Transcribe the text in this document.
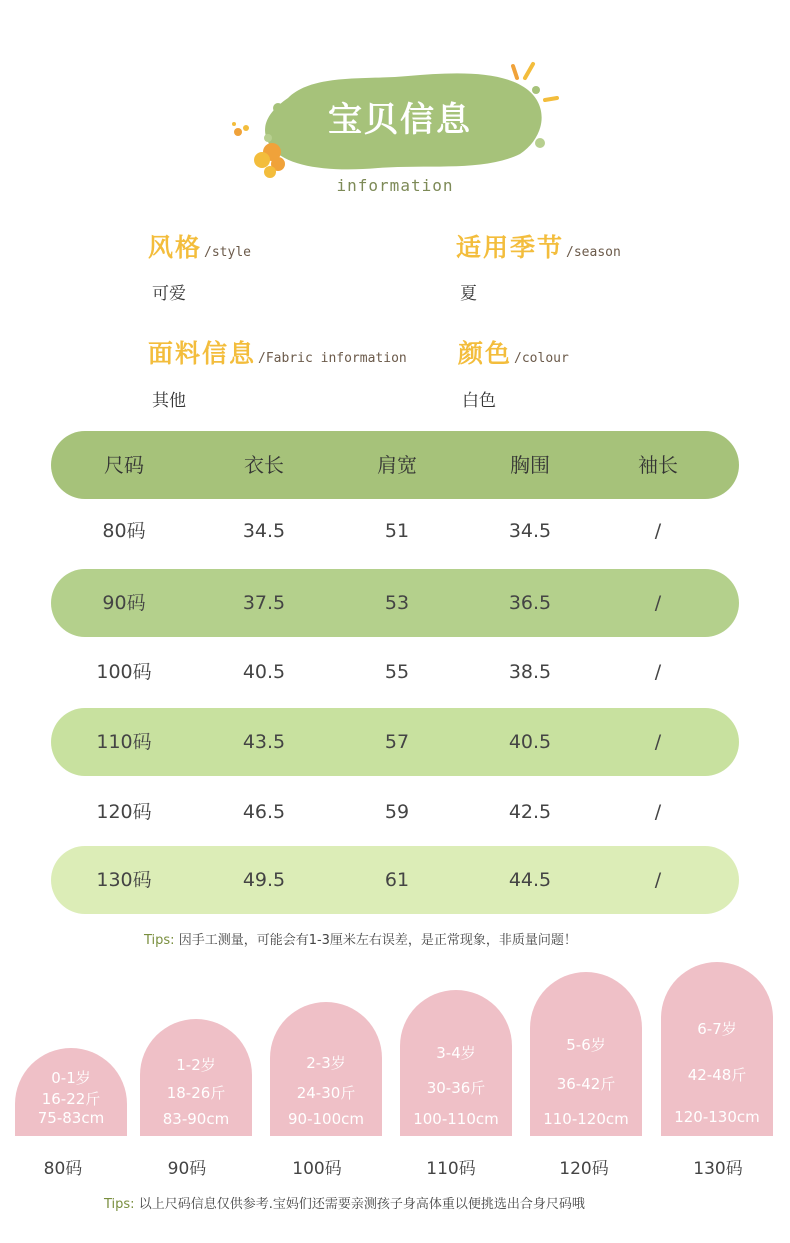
宝贝信息
information
风格 /style
可爱
适用季节 /season
夏
面料信息 /Fabric information
其他
颜色 /colour
白色
尺码	衣长	肩宽	胸围	袖长
80码	34.5	51	34.5	/
90码	37.5	53	36.5	/
100码	40.5	55	38.5	/
110码	43.5	57	40.5	/
120码	46.5	59	42.5	/
130码	49.5	61	44.5	/
Tips: 因手工测量，可能会有1-3厘米左右误差，是正常现象，非质量问题！
0-1岁
16-22斤
75-83cm
80码
1-2岁
18-26斤
83-90cm
90码
2-3岁
24-30斤
90-100cm
100码
3-4岁
30-36斤
100-110cm
110码
5-6岁
36-42斤
110-120cm
120码
6-7岁
42-48斤
120-130cm
130码
Tips: 以上尺码信息仅供参考.宝妈们还需要亲测孩子身高体重以便挑选出合身尺码哦
